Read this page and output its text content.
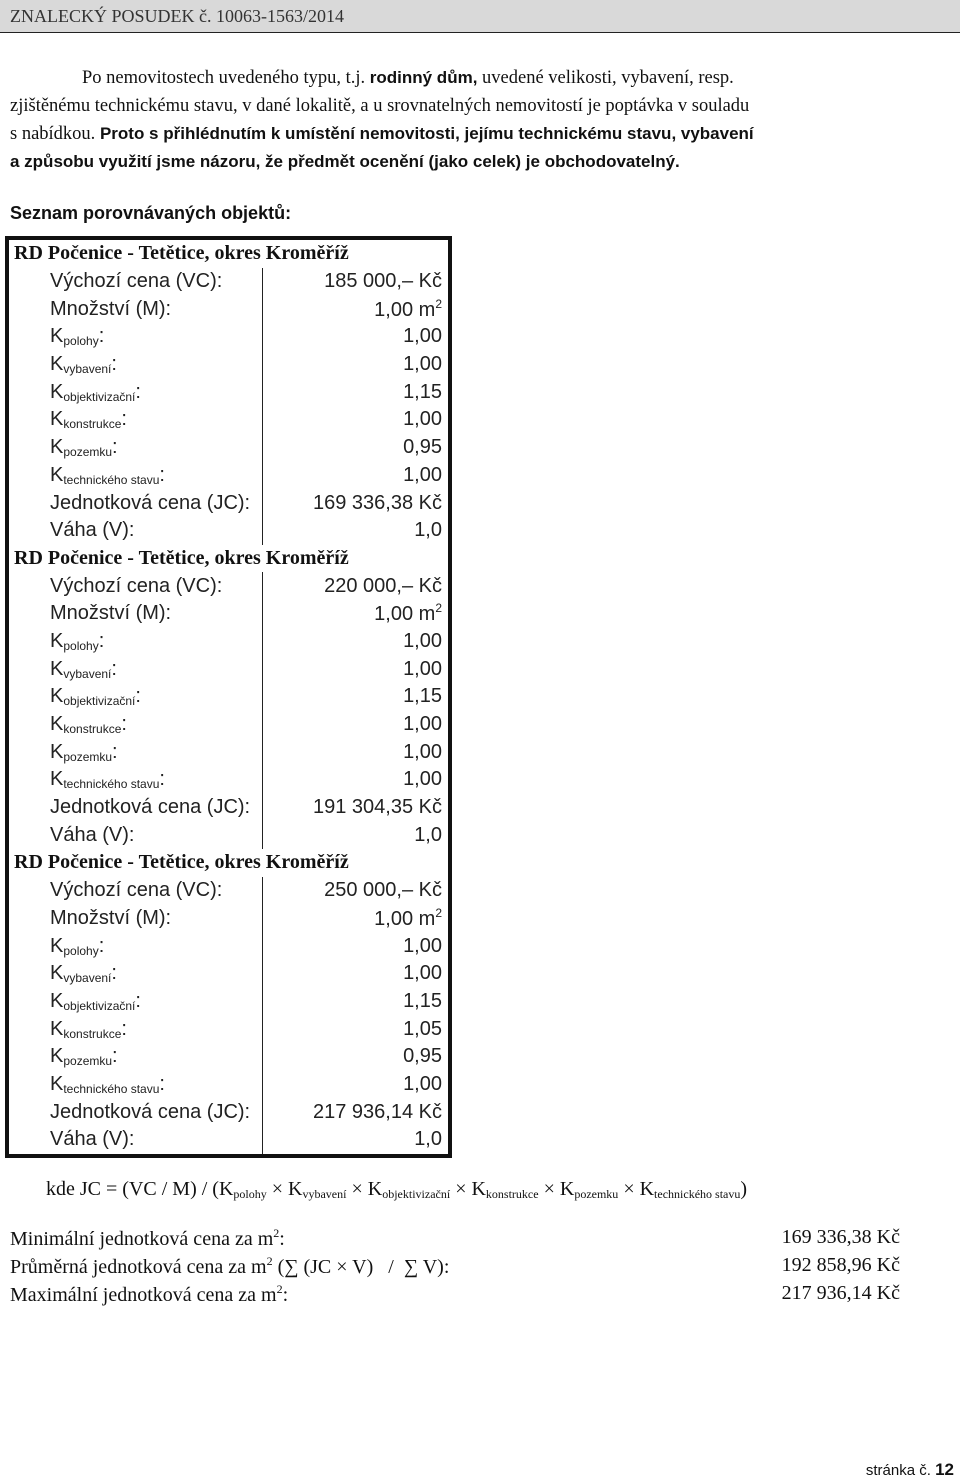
ZNALECKÝ POSUDEK č. 10063-1563/2014
Po nemovitostech uvedeného typu, t.j. rodinný dům, uvedené velikosti, vybavení, resp.
zjištěnému technickému stavu, v dané lokalitě, a u srovnatelných nemovitostí je poptávka v souladu
s nabídkou. Proto s přihlédnutím k umístění nemovitosti, jejímu technickému stavu, vybavení
a způsobu využití jsme názoru, že předmět ocenění (jako celek) je obchodovatelný.
Seznam porovnávaných objektů:
RD Počenice - Tetětice, okres Kroměříž	
Výchozí cena (VC):	185 000,– Kč
Množství (M):	1,00 $m^2$
$K_{polohy}$:	1,00
$K_{vybavení}$:	1,00
$K_{objektivizační}$:	1,15
$K_{konstrukce}$:	1,00
$K_{pozemku}$:	0,95
$K_{technického stavu}$:	1,00
Jednotková cena (JC):	169 336,38 Kč
Váha (V):	1,0
RD Počenice - Tetětice, okres Kroměříž	
Výchozí cena (VC):	220 000,– Kč
Množství (M):	1,00 $m^2$
$K_{polohy}$:	1,00
$K_{vybavení}$:	1,00
$K_{objektivizační}$:	1,15
$K_{konstrukce}$:	1,00
$K_{pozemku}$:	1,00
$K_{technického stavu}$:	1,00
Jednotková cena (JC):	191 304,35 Kč
Váha (V):	1,0
RD Počenice - Tetětice, okres Kroměříž	
Výchozí cena (VC):	250 000,– Kč
Množství (M):	1,00 $m^2$
$K_{polohy}$:	1,00
$K_{vybavení}$:	1,00
$K_{objektivizační}$:	1,15
$K_{konstrukce}$:	1,05
$K_{pozemku}$:	0,95
$K_{technického stavu}$:	1,00
Jednotková cena (JC):	217 936,14 Kč
Váha (V):	1,0
kde JC = $(VC / M) / (K_{polohy} \times K_{vybavení} \times K_{objektivizační} \times K_{konstrukce} \times K_{pozemku} \times K_{technického stavu})$
Minimální jednotková cena za $m^2$:	169 336,38 Kč
Průměrná jednotková cena za $m^2$ (∑ (JC × V)   /  ∑ V):	192 858,96 Kč
Maximální jednotková cena za $m^2$:	217 936,14 Kč
stránka č. 12
